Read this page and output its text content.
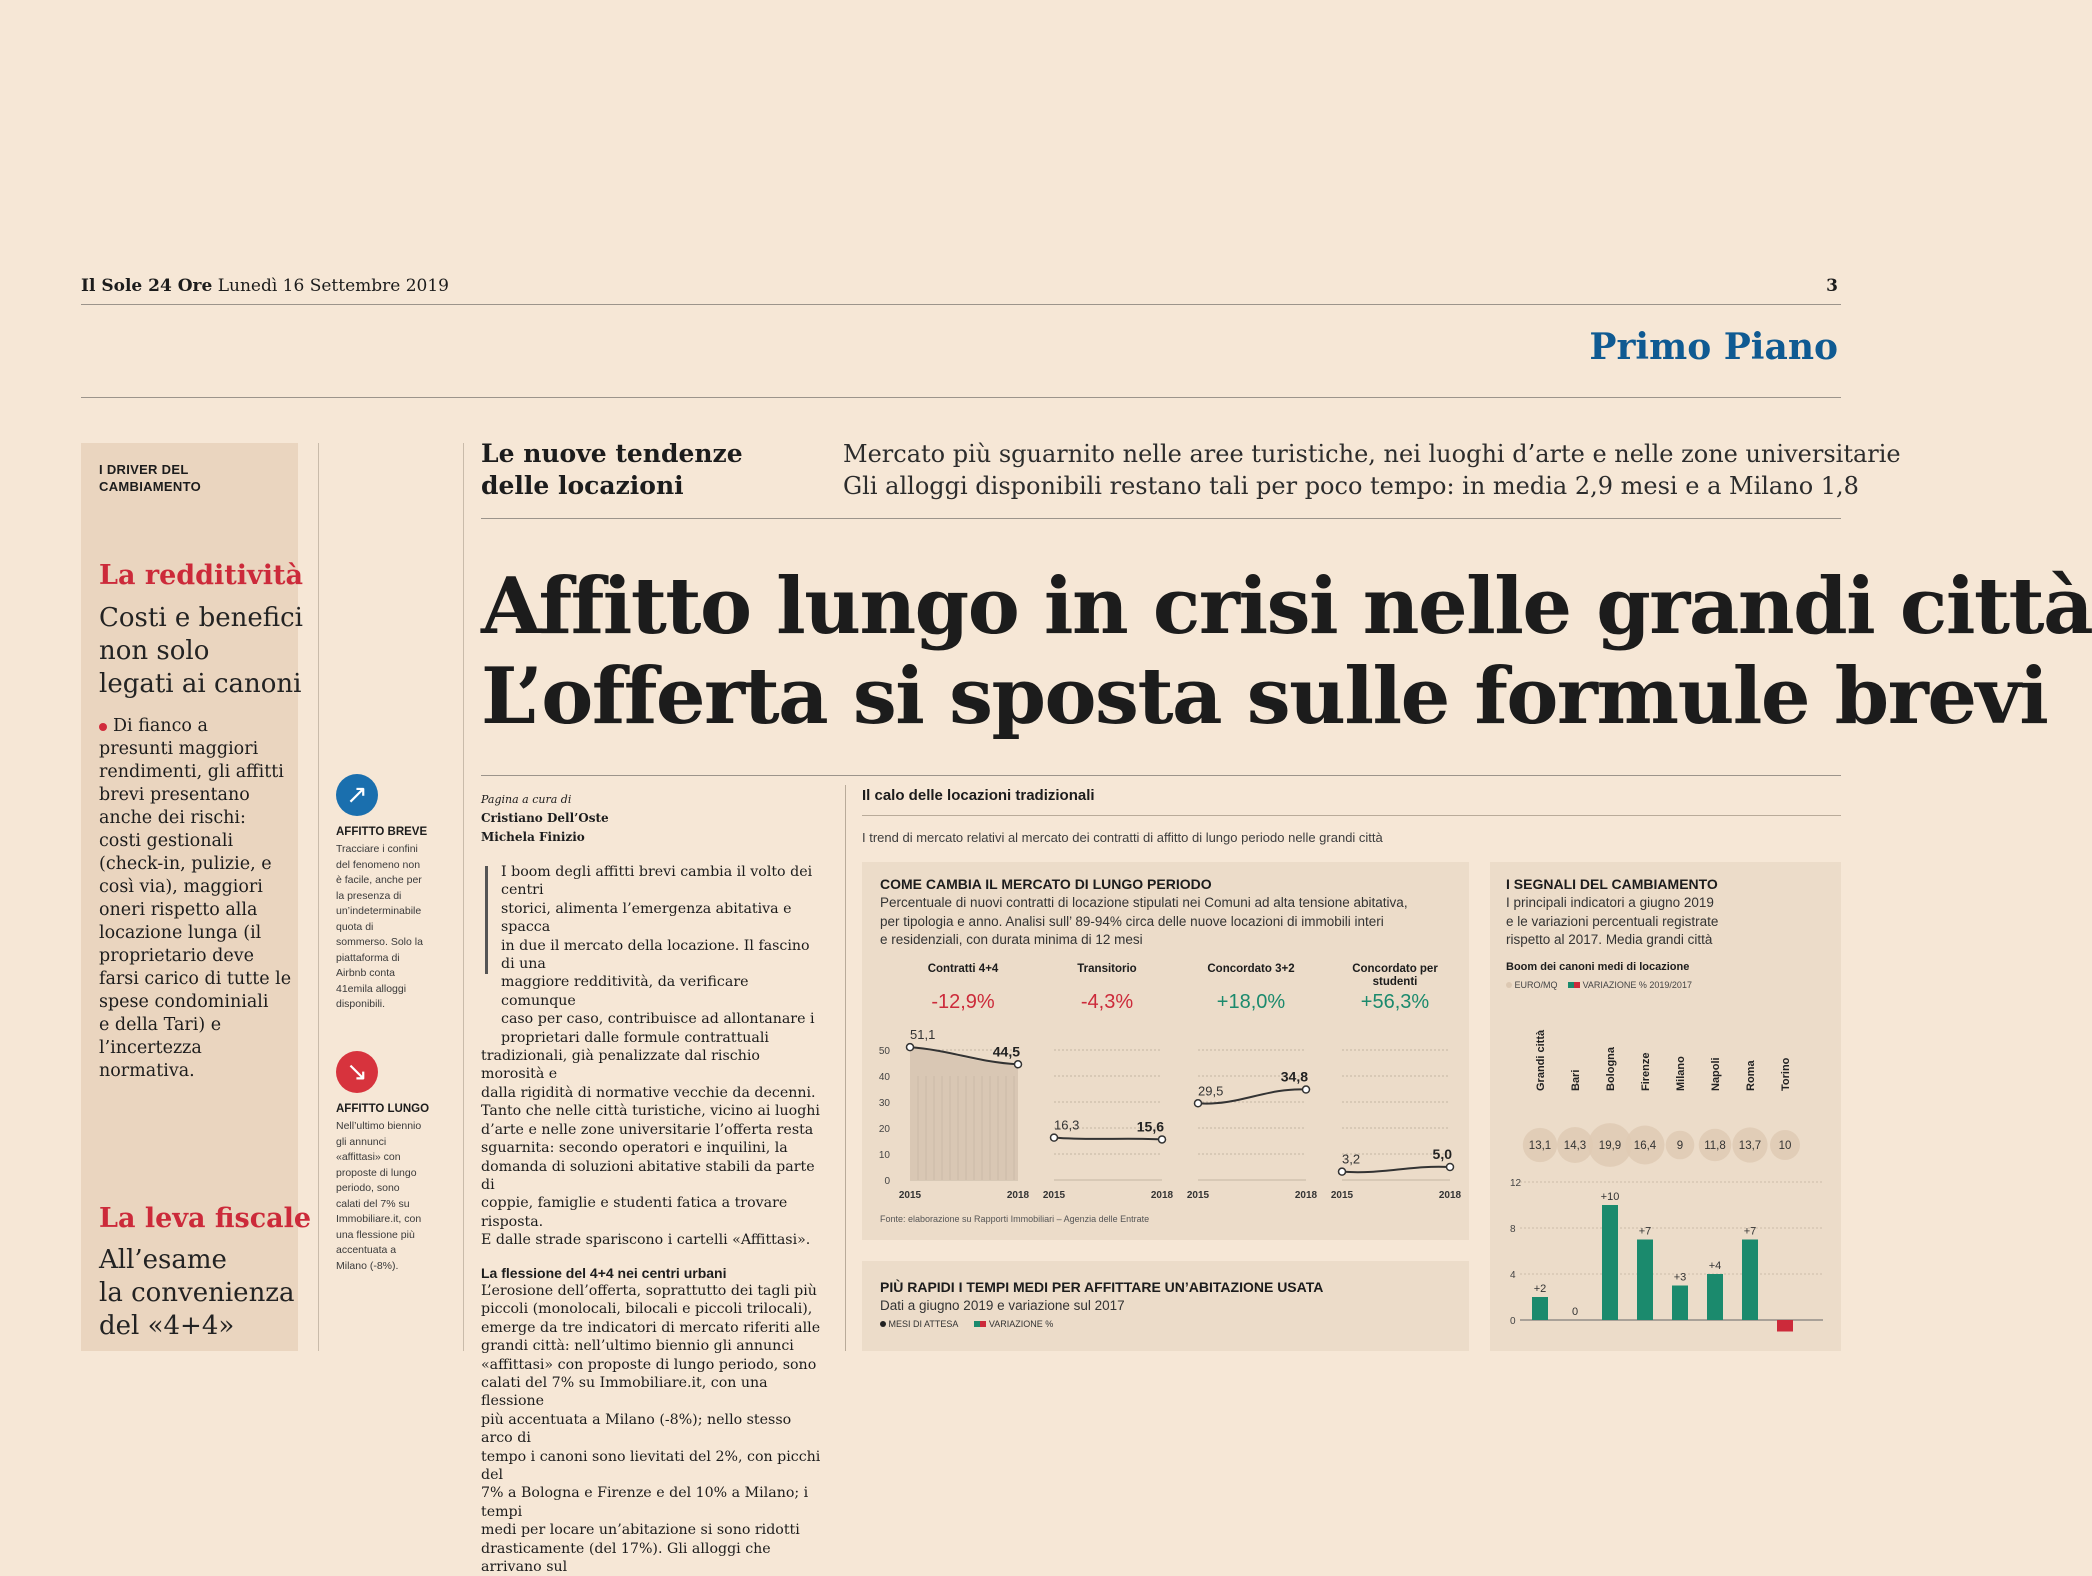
Il Sole 24 Ore Lunedì 16 Settembre 2019	3
Primo Piano
I DRIVER DEL
CAMBIAMENTO
La redditività
Costi e benefici
non solo
legati ai canoni
Di fianco a
presunti maggiori
rendimenti, gli affitti
brevi presentano
anche dei rischi:
costi gestionali
(check-in, pulizie, e
così via), maggiori
oneri rispetto alla
locazione lunga (il
proprietario deve
farsi carico di tutte le
spese condominiali
e della Tari) e
l’incertezza
normativa.
La leva fiscale
All’esame
la convenienza
del «4+4»
↗
AFFITTO BREVE
Tracciare i confini
del fenomeno non
è facile, anche per
la presenza di
un’indeterminabile
quota di
sommerso. Solo la
piattaforma di
Airbnb conta
41emila alloggi
disponibili.
↘
AFFITTO LUNGO
Nell’ultimo biennio
gli annunci
«affittasi» con
proposte di lungo
periodo, sono
calati del 7% su
Immobiliare.it, con
una flessione più
accentuata a
Milano (-8%).
Le nuove tendenze
delle locazioni
Mercato più sguarnito nelle aree turistiche, nei luoghi d’arte e nelle zone universitarie
Gli alloggi disponibili restano tali per poco tempo: in media 2,9 mesi e a Milano 1,8
Affitto lungo in crisi nelle grandi città
L’offerta si sposta sulle formule brevi
Pagina a cura di
Cristiano Dell’Oste
Michela Finizio

I boom degli affitti brevi cambia il volto dei centri

storici, alimenta l’emergenza abitativa e spacca

in due il mercato della locazione. Il fascino di una

maggiore redditività, da verificare comunque

caso per caso, contribuisce ad allontanare i

proprietari dalle formule contrattuali

tradizionali, già penalizzate dal rischio morosità e

dalla rigidità di normative vecchie da decenni.

Tanto che nelle città turistiche, vicino ai luoghi

d’arte e nelle zone universitarie l’offerta resta

sguarnita: secondo operatori e inquilini, la

domanda di soluzioni abitative stabili da parte di

coppie, famiglie e studenti fatica a trovare risposta.

E dalle strade spariscono i cartelli «Affittasi».

La flessione del 4+4 nei centri urbani

L’erosione dell’offerta, soprattutto dei tagli più

piccoli (monolocali, bilocali e piccoli trilocali),

emerge da tre indicatori di mercato riferiti alle

grandi città: nell’ultimo biennio gli annunci

«affittasi» con proposte di lungo periodo, sono

calati del 7% su Immobiliare.it, con una flessione

più accentuata a Milano (-8%); nello stesso arco di

tempo i canoni sono lievitati del 2%, con picchi del

7% a Bologna e Firenze e del 10% a Milano; i tempi

medi per locare un’abitazione si sono ridotti

drasticamente (del 17%). Gli alloggi che arrivano sul

Il calo delle locazioni tradizionali
I trend di mercato relativi al mercato dei contratti di affitto di lungo periodo nelle grandi città
COME CAMBIA IL MERCATO DI LUNGO PERIODO
Percentuale di nuovi contratti di locazione stipulati nei Comuni ad alta tensione abitativa,
per tipologia e anno. Analisi sull’ 89-94% circa delle nuove locazioni di immobili interi
e residenziali, con durata minima di 12 mesi
Fonte: elaborazione su Rapporti Immobiliari – Agenzia delle Entrate
Contratti 4+4	Transitorio	Concordato 3+2	Concordato per studenti
-12,9%	-4,3%	+18,0%	+56,3%
50
40
30
20
10
0
51,1
44,5
2015	2018
16,3	15,6
2015	2018
29,5
34,8
2015	2018
3,2	5,0
2015	2018
PIÙ RAPIDI I TEMPI MEDI PER AFFITTARE UN’ABITAZIONE USATA
Dati a giugno 2019 e variazione sul 2017
MESI DI ATTESA	VARIAZIONE %
I SEGNALI DEL CAMBIAMENTO
I principali indicatori a giugno 2019
e le variazioni percentuali registrate
rispetto al 2017. Media grandi città
Boom dei canoni medi di locazione
EURO/MQ	VARIAZIONE % 2019/2017
12
8
4
0
Grandi città
13,1
+2
Bari
14,3
0
Bologna
19,9
+10
Firenze
16,4
+7
Milano
9
+3
Napoli
11,8
+4
Roma
13,7
+7
Torino
10
